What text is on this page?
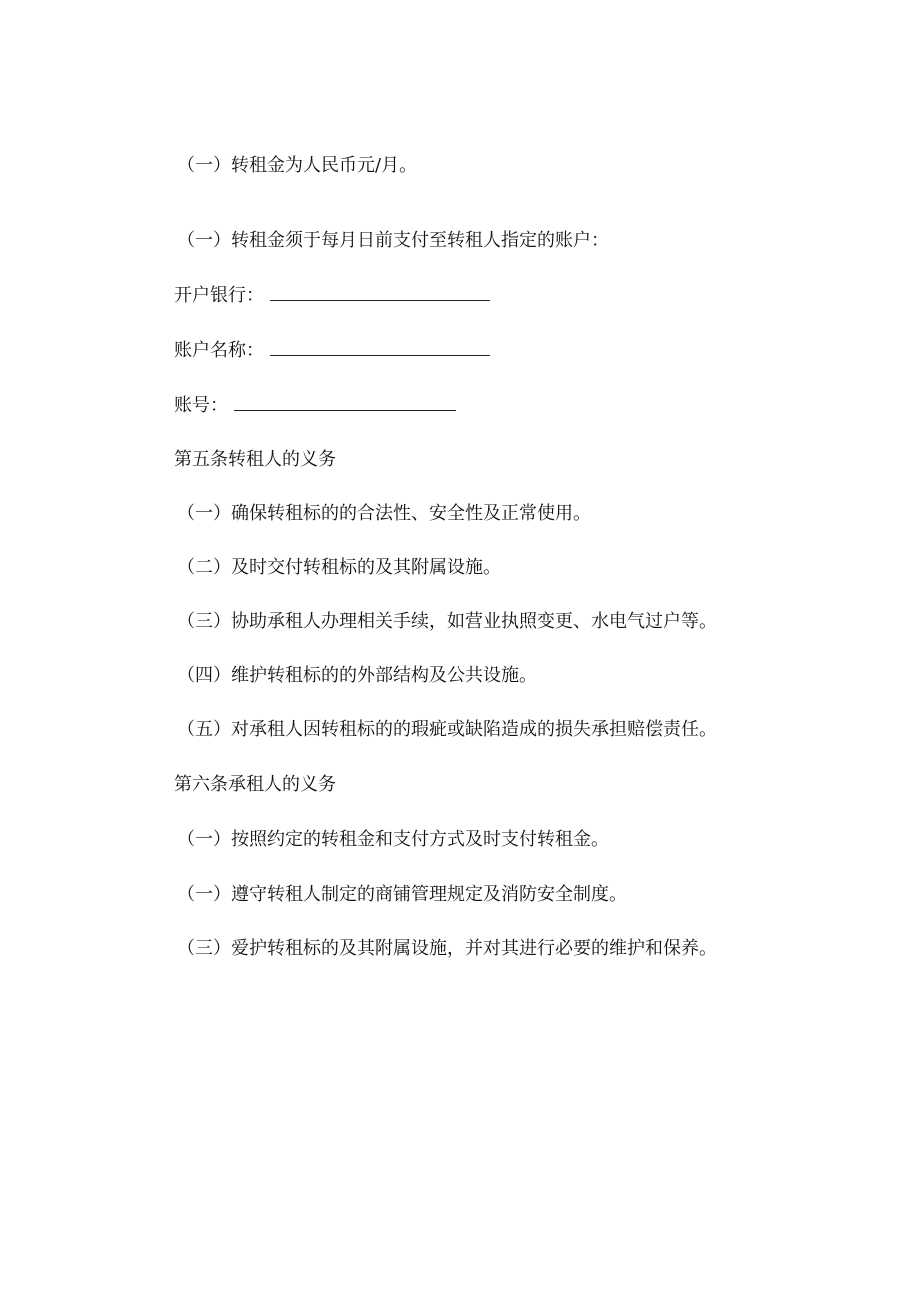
（一）转租金为人民币元/月。
（一）转租金须于每月日前支付至转租人指定的账户：
开户银行：
账户名称：
账号：
第五条转租人的义务
（一）确保转租标的的合法性、安全性及正常使用。
（二）及时交付转租标的及其附属设施。
（三）协助承租人办理相关手续，如营业执照变更、水电气过户等。
（四）维护转租标的的外部结构及公共设施。
（五）对承租人因转租标的的瑕疵或缺陷造成的损失承担赔偿责任。
第六条承租人的义务
（一）按照约定的转租金和支付方式及时支付转租金。
（一）遵守转租人制定的商铺管理规定及消防安全制度。
（三）爱护转租标的及其附属设施，并对其进行必要的维护和保养。
